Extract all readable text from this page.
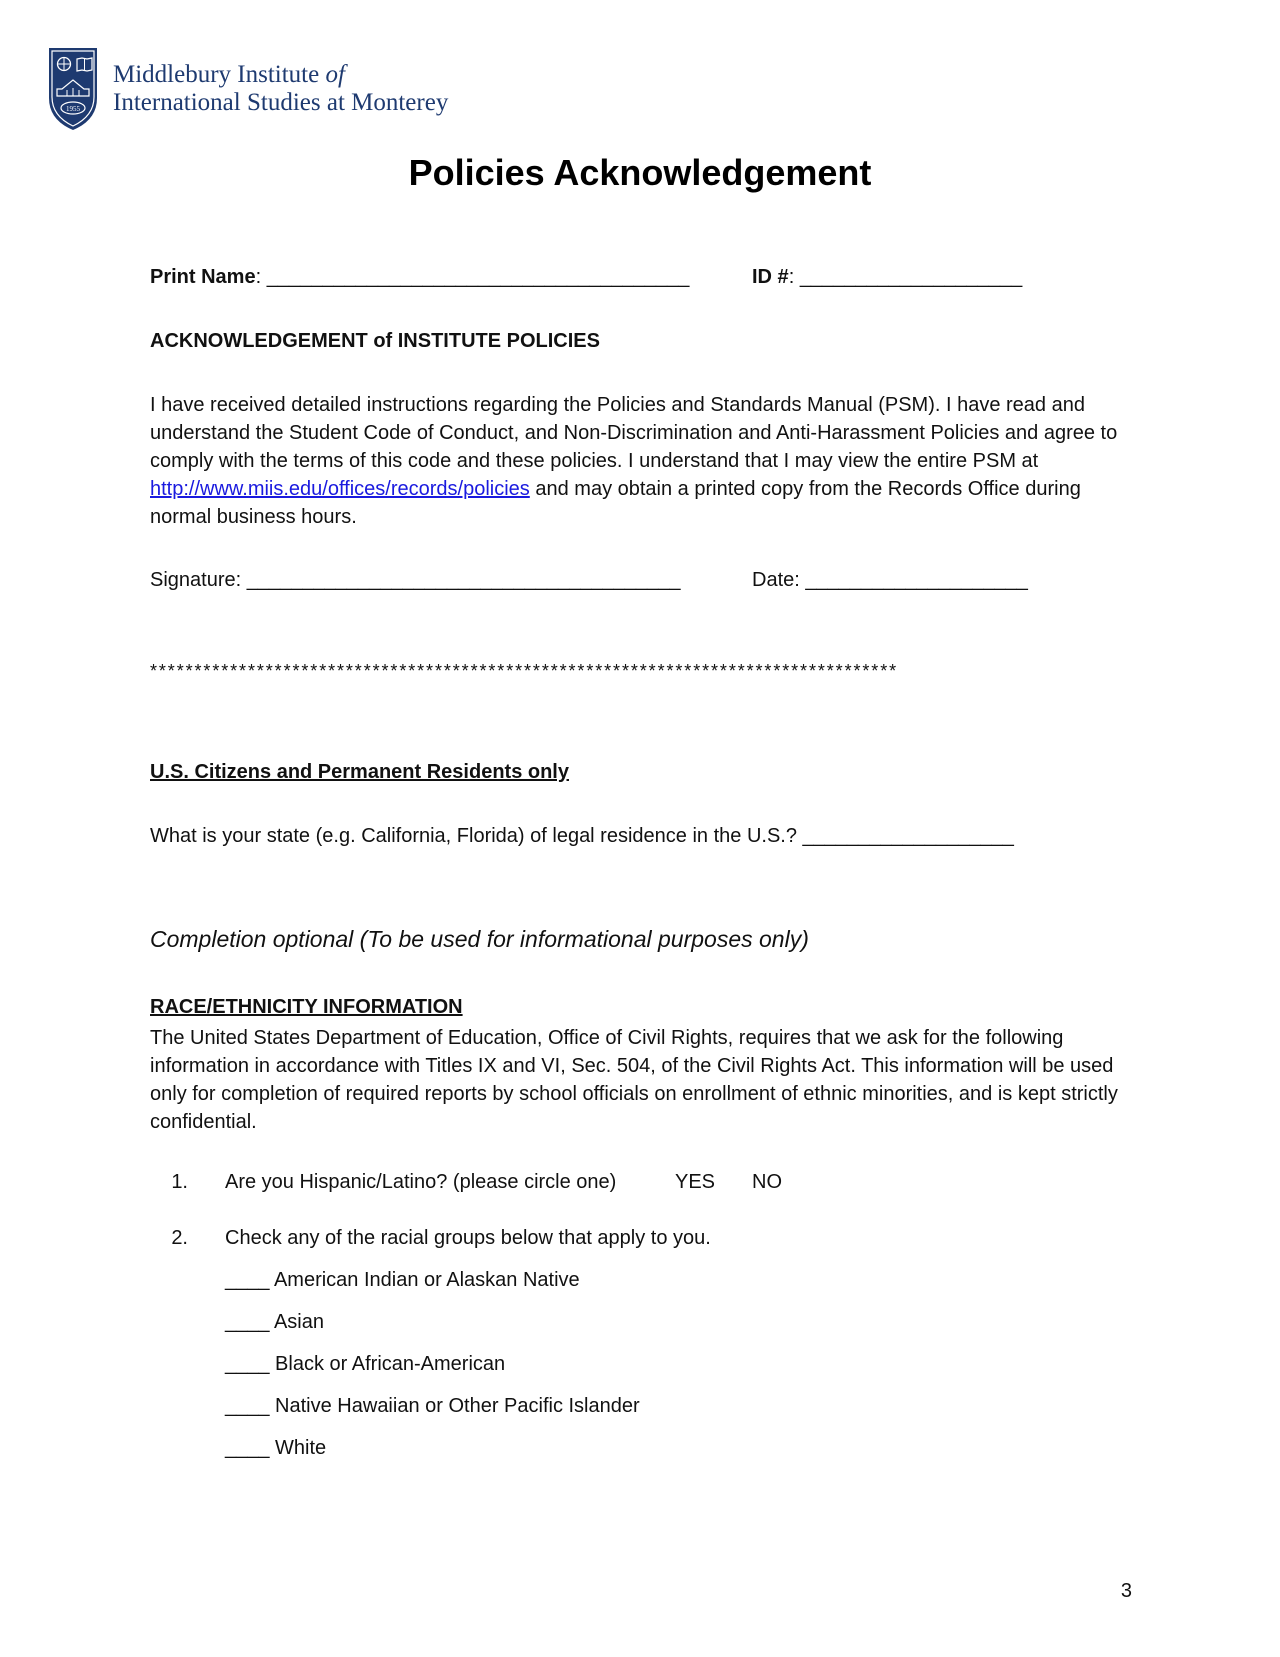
1955
Middlebury Institute of
International Studies at Monterey
Policies Acknowledgement
Print Name: ______________________________________	ID #: ____________________
ACKNOWLEDGEMENT of INSTITUTE POLICIES

I have received detailed instructions regarding the Policies and Standards Manual (PSM). I have read and understand the Student Code of Conduct, and Non-Discrimination and Anti-Harassment Policies and agree to comply with the terms of this code and these policies. I understand that I may view the entire PSM at http://www.miis.edu/offices/records/policies and may obtain a printed copy from the Records Office during normal business hours.

Signature: _______________________________________	Date: ____________________
************************************************************************************
U.S. Citizens and Permanent Residents only
What is your state (e.g. California, Florida) of legal residence in the U.S.? ___________________
Completion optional (To be used for informational purposes only)
RACE/ETHNICITY INFORMATION

The United States Department of Education, Office of Civil Rights, requires that we ask for the following information in accordance with Titles IX and VI, Sec. 504, of the Civil Rights Act. This information will be used only for completion of required reports by school officials on enrollment of ethnic minorities, and is kept strictly confidential.

1. Are you Hispanic/Latino? (please circle one)	YES NO
2. Check any of the racial groups below that apply to you.
____ American Indian or Alaskan Native
____ Asian
____ Black or African-American
____ Native Hawaiian or Other Pacific Islander
____ White
3
